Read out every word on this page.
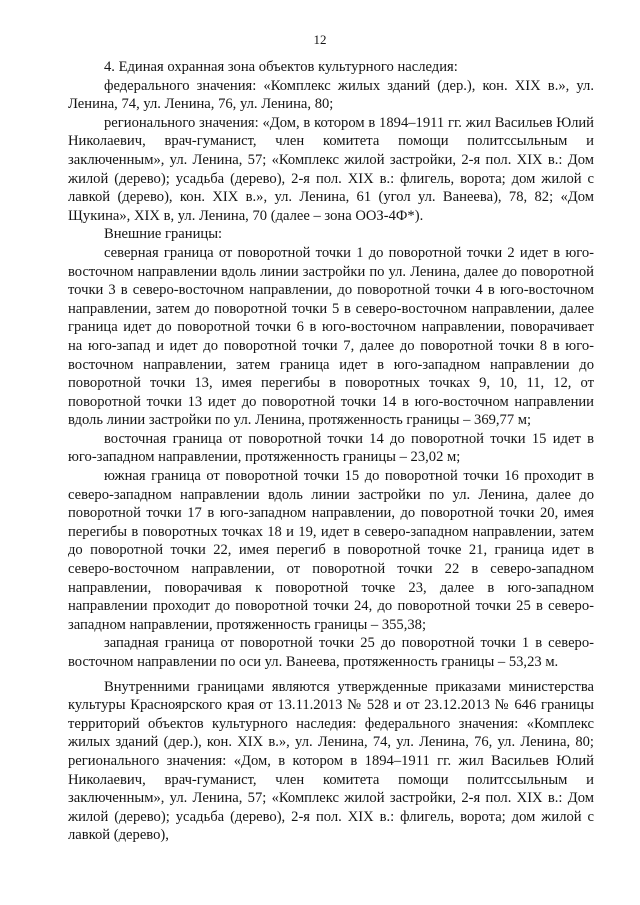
12

4. Единая охранная зона объектов культурного наследия:

федерального значения: «Комплекс жилых зданий (дер.), кон. XIX в.», ул. Ленина, 74, ул. Ленина, 76, ул. Ленина, 80;

регионального значения: «Дом, в котором в 1894–1911 гг. жил Васильев Юлий Николаевич, врач-гуманист, член комитета помощи политссыльным и заключенным», ул. Ленина, 57; «Комплекс жилой застройки, 2-я пол. XIX в.: Дом жилой (дерево); усадьба (дерево), 2-я пол. XIX в.: флигель, ворота; дом жилой с лавкой (дерево), кон. XIX в.», ул. Ленина, 61 (угол ул. Ванеева), 78, 82; «Дом Щукина», XIX в, ул. Ленина, 70 (далее – зона ООЗ-4Ф*).

Внешние границы:

северная граница от поворотной точки 1 до поворотной точки 2 идет в юго-восточном направлении вдоль линии застройки по ул. Ленина, далее до поворотной точки 3 в северо-восточном направлении, до поворотной точки 4 в юго-восточном направлении, затем до поворотной точки 5 в северо-восточном направлении, далее граница идет до поворотной точки 6 в юго-восточном направлении, поворачивает на юго-запад и идет до поворотной точки 7, далее до поворотной точки 8 в юго-восточном направлении, затем граница идет в юго-западном направлении до поворотной точки 13, имея перегибы в поворотных точках 9, 10, 11, 12, от поворотной точки 13 идет до поворотной точки 14 в юго-восточном направлении вдоль линии застройки по ул. Ленина, протяженность границы – 369,77 м;

восточная граница от поворотной точки 14 до поворотной точки 15 идет в юго-западном направлении, протяженность границы – 23,02 м;

южная граница от поворотной точки 15 до поворотной точки 16 проходит в северо-западном направлении вдоль линии застройки по ул. Ленина, далее до поворотной точки 17 в юго-западном направлении, до поворотной точки 20, имея перегибы в поворотных точках 18 и 19, идет в северо-западном направлении, затем до поворотной точки 22, имея перегиб в поворотной точке 21, граница идет в северо-восточном направлении, от поворотной точки 22 в северо-западном направлении, поворачивая к поворотной точке 23, далее в юго-западном направлении проходит до поворотной точки 24, до поворотной точки 25 в северо-западном направлении, протяженность границы – 355,38;

западная граница от поворотной точки 25 до поворотной точки 1 в северо-восточном направлении по оси ул. Ванеева, протяженность границы – 53,23 м.

Внутренними границами являются утвержденные приказами министерства культуры Красноярского края от 13.11.2013 № 528 и от 23.12.2013 № 646 границы территорий объектов культурного наследия: федерального значения: «Комплекс жилых зданий (дер.), кон. XIX в.», ул. Ленина, 74, ул. Ленина, 76, ул. Ленина, 80; регионального значения: «Дом, в котором в 1894–1911 гг. жил Васильев Юлий Николаевич, врач-гуманист, член комитета помощи политссыльным и заключенным», ул. Ленина, 57; «Комплекс жилой застройки, 2-я пол. XIX в.: Дом жилой (дерево); усадьба (дерево), 2-я пол. XIX в.: флигель, ворота; дом жилой с лавкой (дерево),
